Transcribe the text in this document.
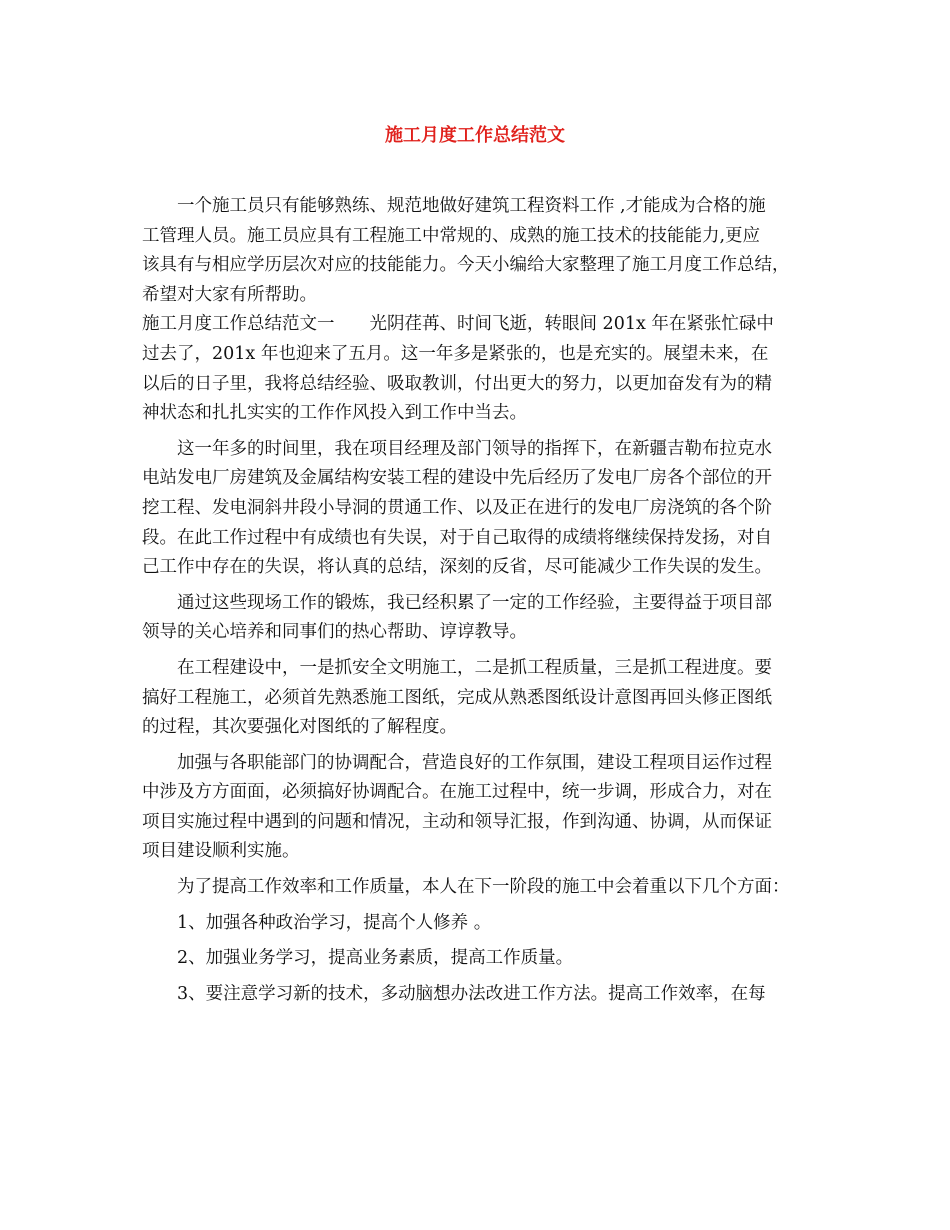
施工月度工作总结范文

一个施工员只有能够熟练、规范地做好建筑工程资料工作 ,才能成为合格的施
工管理人员。施工员应具有工程施工中常规的、成熟的施工技术的技能能力,更应
该具有与相应学历层次对应的技能能力。今天小编给大家整理了施工月度工作总结，
希望对大家有所帮助。

施工月度工作总结范文一　　光阴荏苒、时间飞逝，转眼间 201x 年在紧张忙碌中
过去了，201x 年也迎来了五月。这一年多是紧张的，也是充实的。展望未来，在
以后的日子里，我将总结经验、吸取教训，付出更大的努力，以更加奋发有为的精
神状态和扎扎实实的工作作风投入到工作中当去。

这一年多的时间里，我在项目经理及部门领导的指挥下，在新疆吉勒布拉克水
电站发电厂房建筑及金属结构安装工程的建设中先后经历了发电厂房各个部位的开
挖工程、发电洞斜井段小导洞的贯通工作、以及正在进行的发电厂房浇筑的各个阶
段。在此工作过程中有成绩也有失误，对于自己取得的成绩将继续保持发扬，对自
己工作中存在的失误，将认真的总结，深刻的反省，尽可能减少工作失误的发生。

通过这些现场工作的锻炼，我已经积累了一定的工作经验，主要得益于项目部
领导的关心培养和同事们的热心帮助、谆谆教导。

在工程建设中，一是抓安全文明施工，二是抓工程质量，三是抓工程进度。要
搞好工程施工，必须首先熟悉施工图纸，完成从熟悉图纸设计意图再回头修正图纸
的过程，其次要强化对图纸的了解程度。

加强与各职能部门的协调配合，营造良好的工作氛围，建设工程项目运作过程
中涉及方方面面，必须搞好协调配合。在施工过程中，统一步调，形成合力，对在
项目实施过程中遇到的问题和情况，主动和领导汇报，作到沟通、协调，从而保证
项目建设顺利实施。

为了提高工作效率和工作质量，本人在下一阶段的施工中会着重以下几个方面：

1、加强各种政治学习，提高个人修养 。

2、加强业务学习，提高业务素质，提高工作质量。

3、要注意学习新的技术，多动脑想办法改进工作方法。提高工作效率，在每
